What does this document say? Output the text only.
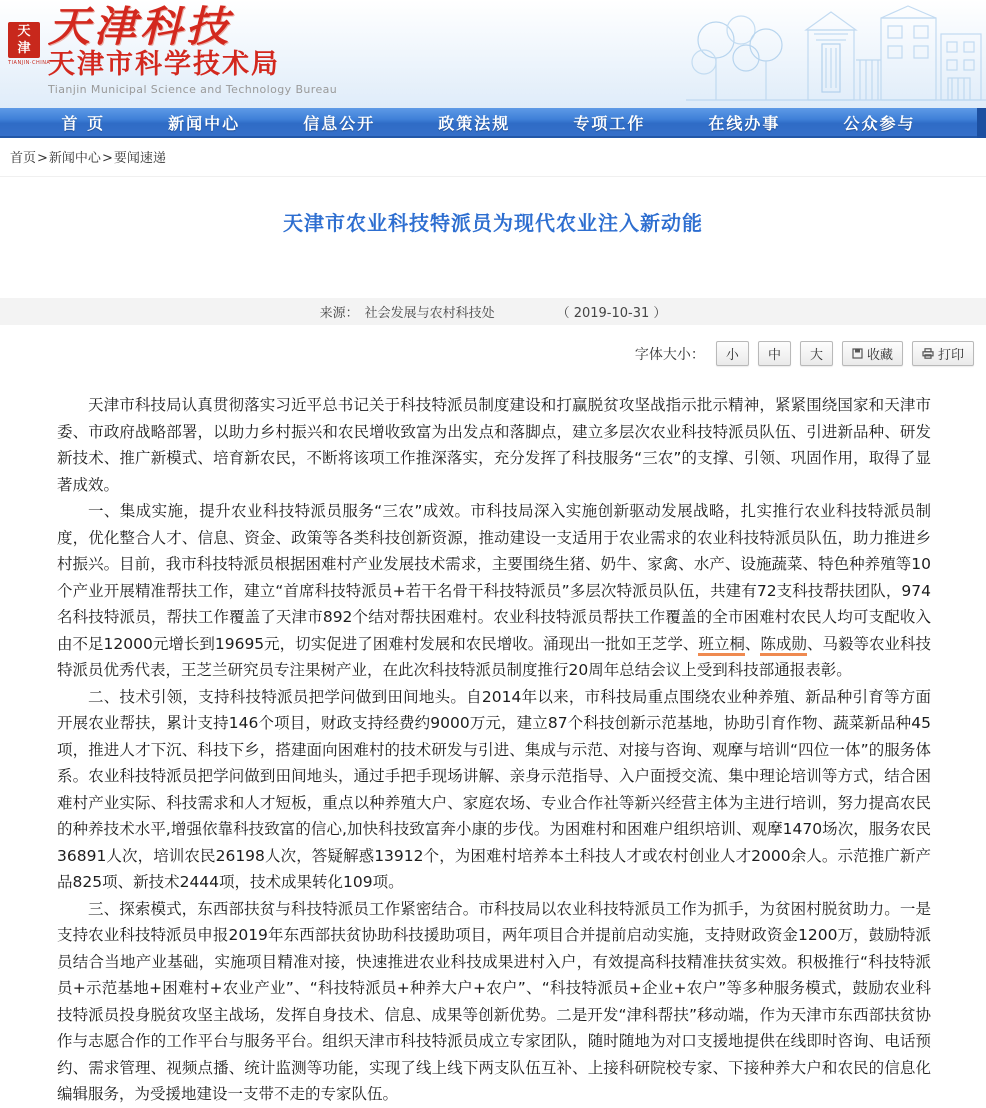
天
津
TIANJIN·CHINA
天津科技
天津市科学技术局
Tianjin Municipal Science and Technology Bureau
首 页	新闻中心	信息公开	政策法规	专项工作	在线办事	公众参与
首页>新闻中心>要闻速递
天津市农业科技特派员为现代农业注入新动能
来源： 社会发展与农村科技处	（ 2019-10-31 ）
字体大小： 小 中 大	收藏	打印

天津市科技局认真贯彻落实习近平总书记关于科技特派员制度建设和打赢脱贫攻坚战指示批示精神，紧紧围绕国家和天津市委、市政府战略部署，以助力乡村振兴和农民增收致富为出发点和落脚点，建立多层次农业科技特派员队伍、引进新品种、研发新技术、推广新模式、培育新农民，不断将该项工作推深落实，充分发挥了科技服务“三农”的支撑、引领、巩固作用，取得了显著成效。

一、集成实施，提升农业科技特派员服务“三农”成效。市科技局深入实施创新驱动发展战略，扎实推行农业科技特派员制度，优化整合人才、信息、资金、政策等各类科技创新资源，推动建设一支适用于农业需求的农业科技特派员队伍，助力推进乡村振兴。目前，我市科技特派员根据困难村产业发展技术需求，主要围绕生猪、奶牛、家禽、水产、设施蔬菜、特色种养殖等10个产业开展精准帮扶工作，建立“首席科技特派员+若干名骨干科技特派员”多层次特派员队伍，共建有72支科技帮扶团队，974名科技特派员，帮扶工作覆盖了天津市892个结对帮扶困难村。农业科技特派员帮扶工作覆盖的全市困难村农民人均可支配收入由不足12000元增长到19695元，切实促进了困难村发展和农民增收。涌现出一批如王芝学、班立桐、陈成勋、马毅等农业科技特派员优秀代表，王芝兰研究员专注果树产业，在此次科技特派员制度推行20周年总结会议上受到科技部通报表彰。

二、技术引领，支持科技特派员把学问做到田间地头。自2014年以来，市科技局重点围绕农业种养殖、新品种引育等方面开展农业帮扶，累计支持146个项目，财政支持经费约9000万元，建立87个科技创新示范基地，协助引育作物、蔬菜新品种45项，推进人才下沉、科技下乡，搭建面向困难村的技术研发与引进、集成与示范、对接与咨询、观摩与培训“四位一体”的服务体系。农业科技特派员把学问做到田间地头，通过手把手现场讲解、亲身示范指导、入户面授交流、集中理论培训等方式，结合困难村产业实际、科技需求和人才短板，重点以种养殖大户、家庭农场、专业合作社等新兴经营主体为主进行培训，努力提高农民的种养技术水平,增强依靠科技致富的信心,加快科技致富奔小康的步伐。为困难村和困难户组织培训、观摩1470场次，服务农民36891人次，培训农民26198人次，答疑解惑13912个，为困难村培养本土科技人才或农村创业人才2000余人。示范推广新产品825项、新技术2444项，技术成果转化109项。

三、探索模式，东西部扶贫与科技特派员工作紧密结合。市科技局以农业科技特派员工作为抓手，为贫困村脱贫助力。一是支持农业科技特派员申报2019年东西部扶贫协助科技援助项目，两年项目合并提前启动实施，支持财政资金1200万，鼓励特派员结合当地产业基础，实施项目精准对接，快速推进农业科技成果进村入户，有效提高科技精准扶贫实效。积极推行“科技特派员+示范基地+困难村+农业产业”、“科技特派员+种养大户+农户”、“科技特派员+企业+农户”等多种服务模式，鼓励农业科技特派员投身脱贫攻坚主战场，发挥自身技术、信息、成果等创新优势。二是开发“津科帮扶”移动端，作为天津市东西部扶贫协作与志愿合作的工作平台与服务平台。组织天津市科技特派员成立专家团队，随时随地为对口支援地提供在线即时咨询、电话预约、需求管理、视频点播、统计监测等功能，实现了线上线下两支队伍互补、上接科研院校专家、下接种养大户和农民的信息化编辑服务，为受援地建设一支带不走的专家队伍。
